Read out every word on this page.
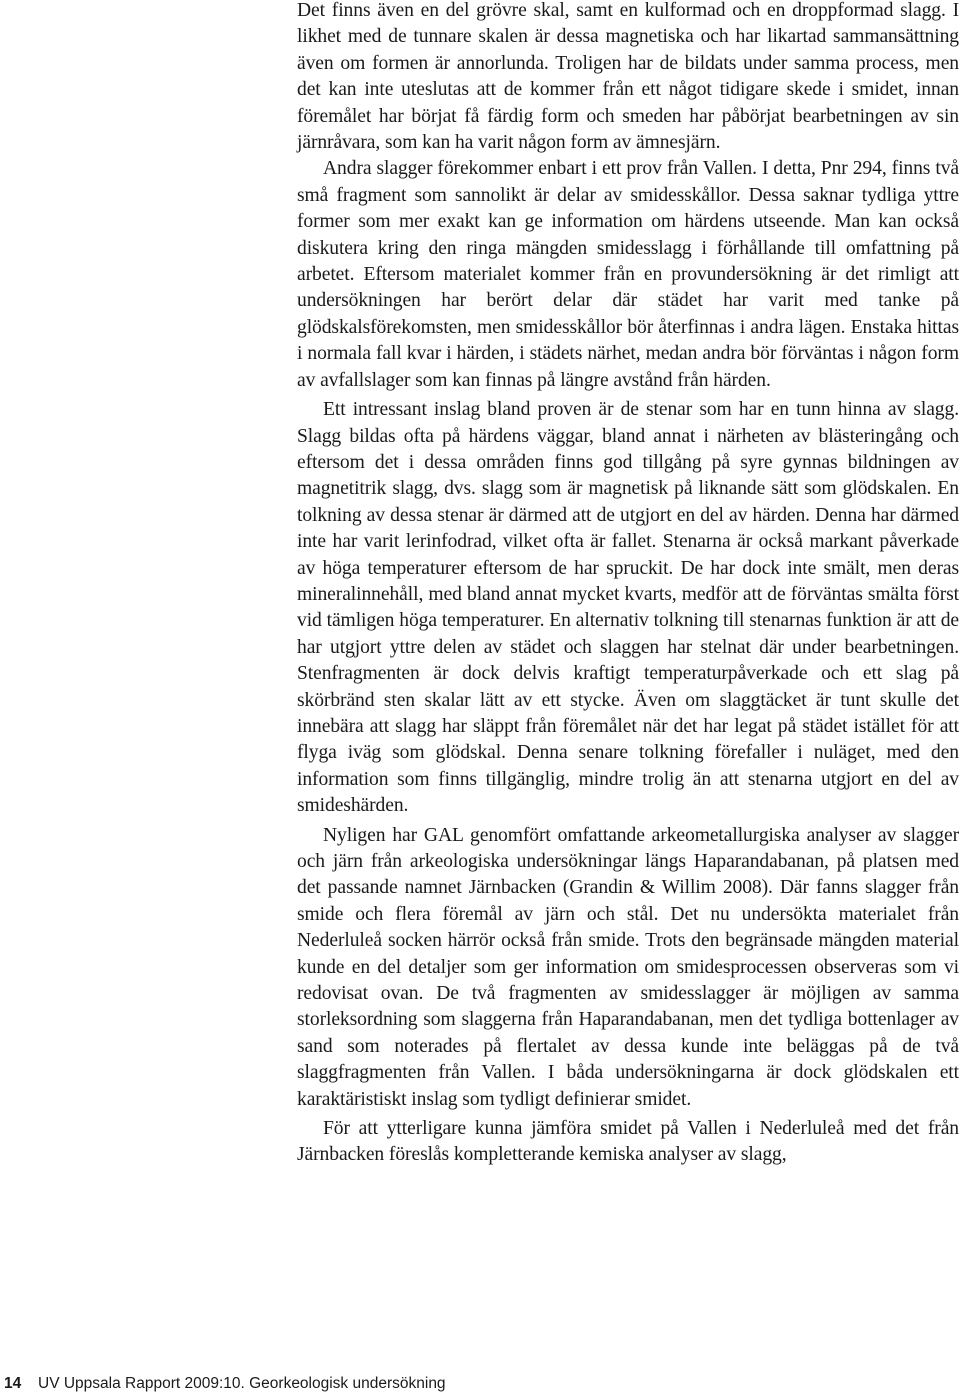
Det finns även en del grövre skal, samt en kulformad och en droppformad slagg. I likhet med de tunnare skalen är dessa magnetiska och har likartad sammansättning även om formen är annorlunda. Troligen har de bildats under samma process, men det kan inte uteslutas att de kommer från ett något tidigare skede i smidet, innan föremålet har börjat få färdig form och smeden har påbörjat bearbetningen av sin järnråvara, som kan ha varit någon form av ämnesjärn.

Andra slagger förekommer enbart i ett prov från Vallen. I detta, Pnr 294, finns två små fragment som sannolikt är delar av smidesskållor. Dessa saknar tydliga yttre former som mer exakt kan ge information om härdens utseende. Man kan också diskutera kring den ringa mängden smidesslagg i förhållande till omfattning på arbetet. Eftersom materialet kommer från en provundersökning är det rimligt att undersökningen har berört delar där städet har varit med tanke på glödskalsförekomsten, men smidesskållor bör återfinnas i andra lägen. Enstaka hittas i normala fall kvar i härden, i städets närhet, medan andra bör förväntas i någon form av avfallslager som kan finnas på längre avstånd från härden.

Ett intressant inslag bland proven är de stenar som har en tunn hinna av slagg. Slagg bildas ofta på härdens väggar, bland annat i närheten av blästeringång och eftersom det i dessa områden finns god tillgång på syre gynnas bildningen av magnetitrik slagg, dvs. slagg som är magnetisk på liknande sätt som glödskalen. En tolkning av dessa stenar är därmed att de utgjort en del av härden. Denna har därmed inte har varit lerinfodrad, vilket ofta är fallet. Stenarna är också markant påverkade av höga temperaturer eftersom de har spruckit. De har dock inte smält, men deras mineralinnehåll, med bland annat mycket kvarts, medför att de förväntas smälta först vid tämligen höga temperaturer. En alternativ tolkning till stenarnas funktion är att de har utgjort yttre delen av städet och slaggen har stelnat där under bearbetningen. Stenfragmenten är dock delvis kraftigt temperaturpåverkade och ett slag på skörbränd sten skalar lätt av ett stycke. Även om slaggtäcket är tunt skulle det innebära att slagg har släppt från föremålet när det har legat på städet istället för att flyga iväg som glödskal. Denna senare tolkning förefaller i nuläget, med den information som finns tillgänglig, mindre trolig än att stenarna utgjort en del av smideshärden.

Nyligen har GAL genomfört omfattande arkeometallurgiska analyser av slagger och järn från arkeologiska undersökningar längs Haparandabanan, på platsen med det passande namnet Järnbacken (Grandin & Willim 2008). Där fanns slagger från smide och flera föremål av järn och stål. Det nu undersökta materialet från Nederluleå socken härrör också från smide. Trots den begränsade mängden material kunde en del detaljer som ger information om smidesprocessen observeras som vi redovisat ovan. De två fragmenten av smidesslagger är möjligen av samma storleksordning som slaggerna från Haparandabanan, men det tydliga bottenlager av sand som noterades på flertalet av dessa kunde inte beläggas på de två slaggfragmenten från Vallen. I båda undersökningarna är dock glödskalen ett karaktäristiskt inslag som tydligt definierar smidet.

För att ytterligare kunna jämföra smidet på Vallen i Nederluleå med det från Järnbacken föreslås kompletterande kemiska analyser av slagg,

14 UV Uppsala Rapport 2009:10. Georkeologisk undersökning
